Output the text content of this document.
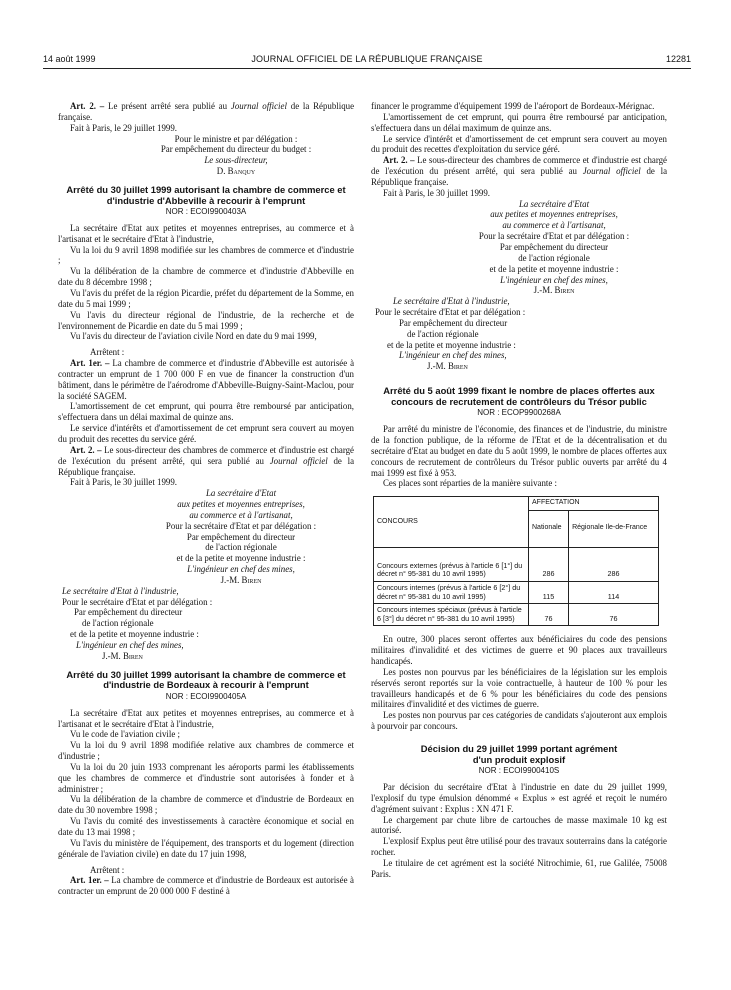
14 août 1999	JOURNAL OFFICIEL DE LA RÉPUBLIQUE FRANÇAISE	12281

Art. 2. – Le présent arrêté sera publié au Journal officiel de la République française.

Fait à Paris, le 29 juillet 1999.

Pour le ministre et par délégation :
Par empêchement du directeur du budget :
Le sous-directeur,
D. Banquy
Arrêté du 30 juillet 1999 autorisant la chambre de commerce et d'industrie d'Abbeville à recourir à l'emprunt
NOR : ECOI9900403A

La secrétaire d'Etat aux petites et moyennes entreprises, au commerce et à l'artisanat et le secrétaire d'Etat à l'industrie,

Vu la loi du 9 avril 1898 modifiée sur les chambres de commerce et d'industrie ;

Vu la délibération de la chambre de commerce et d'industrie d'Abbeville en date du 8 décembre 1998 ;

Vu l'avis du préfet de la région Picardie, préfet du département de la Somme, en date du 5 mai 1999 ;

Vu l'avis du directeur régional de l'industrie, de la recherche et de l'environnement de Picardie en date du 5 mai 1999 ;

Vu l'avis du directeur de l'aviation civile Nord en date du 9 mai 1999,

Arrêtent :

Art. 1er. – La chambre de commerce et d'industrie d'Abbeville est autorisée à contracter un emprunt de 1 700 000 F en vue de financer la construction d'un bâtiment, dans le périmètre de l'aérodrome d'Abbeville-Buigny-Saint-Maclou, pour la société SAGEM.

L'amortissement de cet emprunt, qui pourra être remboursé par anticipation, s'effectuera dans un délai maximal de quinze ans.

Le service d'intérêts et d'amortissement de cet emprunt sera couvert au moyen du produit des recettes du service géré.

Art. 2. – Le sous-directeur des chambres de commerce et d'industrie est chargé de l'exécution du présent arrêté, qui sera publié au Journal officiel de la République française.

Fait à Paris, le 30 juillet 1999.

La secrétaire d'Etat
aux petites et moyennes entreprises,
au commerce et à l'artisanat,
Pour la secrétaire d'Etat et par délégation :
Par empêchement du directeur
de l'action régionale
et de la petite et moyenne industrie :
L'ingénieur en chef des mines,
J.-M. Biren
Le secrétaire d'Etat à l'industrie,
Pour le secrétaire d'Etat et par délégation :
Par empêchement du directeur
de l'action régionale
et de la petite et moyenne industrie :
L'ingénieur en chef des mines,
J.-M. Biren
Arrêté du 30 juillet 1999 autorisant la chambre de commerce et d'industrie de Bordeaux à recourir à l'emprunt
NOR : ECOI9900405A

La secrétaire d'Etat aux petites et moyennes entreprises, au commerce et à l'artisanat et le secrétaire d'Etat à l'industrie,

Vu le code de l'aviation civile ;

Vu la loi du 9 avril 1898 modifiée relative aux chambres de commerce et d'industrie ;

Vu la loi du 20 juin 1933 comprenant les aéroports parmi les établissements que les chambres de commerce et d'industrie sont autorisées à fonder et à administrer ;

Vu la délibération de la chambre de commerce et d'industrie de Bordeaux en date du 30 novembre 1998 ;

Vu l'avis du comité des investissements à caractère économique et social en date du 13 mai 1998 ;

Vu l'avis du ministère de l'équipement, des transports et du logement (direction générale de l'aviation civile) en date du 17 juin 1998,

Arrêtent :

Art. 1er. – La chambre de commerce et d'industrie de Bordeaux est autorisée à contracter un emprunt de 20 000 000 F destiné à

financer le programme d'équipement 1999 de l'aéroport de Bordeaux-Mérignac.

L'amortissement de cet emprunt, qui pourra être remboursé par anticipation, s'effectuera dans un délai maximum de quinze ans.

Le service d'intérêt et d'amortissement de cet emprunt sera couvert au moyen du produit des recettes d'exploitation du service géré.

Art. 2. – Le sous-directeur des chambres de commerce et d'industrie est chargé de l'exécution du présent arrêté, qui sera publié au Journal officiel de la République française.

Fait à Paris, le 30 juillet 1999.

La secrétaire d'Etat
aux petites et moyennes entreprises,
au commerce et à l'artisanat,
Pour la secrétaire d'Etat et par délégation :
Par empêchement du directeur
de l'action régionale
et de la petite et moyenne industrie :
L'ingénieur en chef des mines,
J.-M. Biren
Le secrétaire d'Etat à l'industrie,
Pour le secrétaire d'Etat et par délégation :
Par empêchement du directeur
de l'action régionale
et de la petite et moyenne industrie :
L'ingénieur en chef des mines,
J.-M. Biren
Arrêté du 5 août 1999 fixant le nombre de places offertes aux concours de recrutement de contrôleurs du Trésor public
NOR : ECOP9900268A

Par arrêté du ministre de l'économie, des finances et de l'industrie, du ministre de la fonction publique, de la réforme de l'Etat et de la décentralisation et du secrétaire d'Etat au budget en date du 5 août 1999, le nombre de places offertes aux concours de recrutement de contrôleurs du Trésor public ouverts par arrêté du 4 mai 1999 est fixé à 953.

Ces places sont réparties de la manière suivante :

CONCOURS	AFFECTATION	
	Nationale	Régionale Ile-de-France
Concours externes (prévus à l'article 6 [1°] du décret n° 95-381 du 10 avril 1995)	286	286
Concours internes (prévus à l'article 6 [2°] du décret n° 95-381 du 10 avril 1995)	115	114
Concours internes spéciaux (prévus à l'article 6 [3°] du décret n° 95-381 du 10 avril 1995)	76	76

En outre, 300 places seront offertes aux bénéficiaires du code des pensions militaires d'invalidité et des victimes de guerre et 90 places aux travailleurs handicapés.

Les postes non pourvus par les bénéficiaires de la législation sur les emplois réservés seront reportés sur la voie contractuelle, à hauteur de 100 % pour les travailleurs handicapés et de 6 % pour les bénéficiaires du code des pensions militaires d'invalidité et des victimes de guerre.

Les postes non pourvus par ces catégories de candidats s'ajouteront aux emplois à pourvoir par concours.

Décision du 29 juillet 1999 portant agrément d'un produit explosif
NOR : ECOI9900410S

Par décision du secrétaire d'Etat à l'industrie en date du 29 juillet 1999, l'explosif du type émulsion dénommé « Explus » est agréé et reçoit le numéro d'agrément suivant : Explus : XN 471 F.

Le chargement par chute libre de cartouches de masse maximale 10 kg est autorisé.

L'explosif Explus peut être utilisé pour des travaux souterrains dans la catégorie rocher.

Le titulaire de cet agrément est la société Nitrochimie, 61, rue Galilée, 75008 Paris.
